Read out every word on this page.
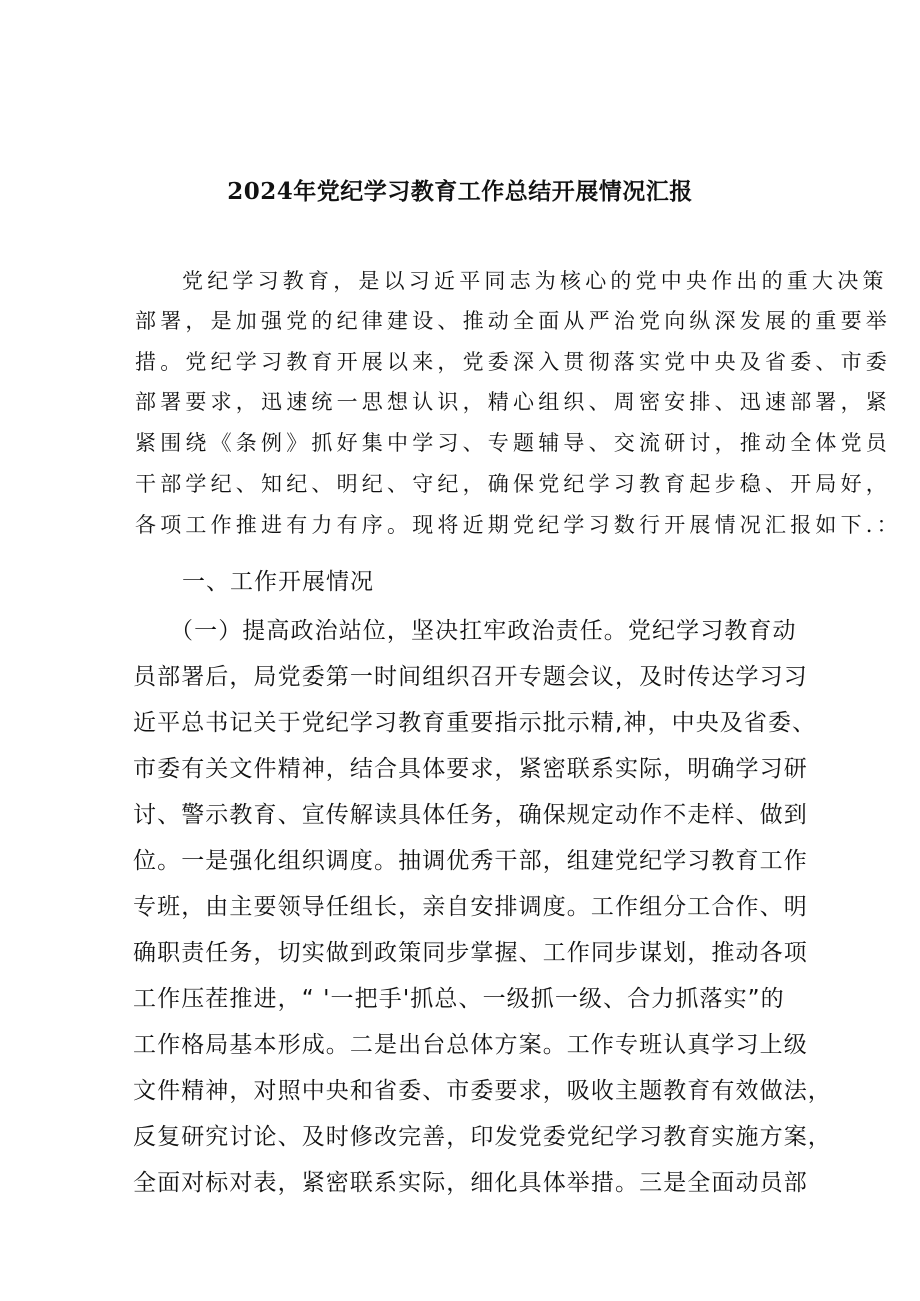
2024年党纪学习教育工作总结开展情况汇报

党纪学习教育，是以习近平同志为核心的党中央作出的重大决策

部署，是加强党的纪律建设、推动全面从严治党向纵深发展的重要举

措。党纪学习教育开展以来，党委深入贯彻落实党中央及省委、市委

部署要求，迅速统一思想认识，精心组织、周密安排、迅速部署，紧

紧围绕《条例》抓好集中学习、专题辅导、交流研讨，推动全体党员

干部学纪、知纪、明纪、守纪，确保党纪学习教育起步稳、开局好，

各项工作推进有力有序。现将近期党纪学习数行开展情况汇报如下.：

一、工作开展情况

（一）提高政治站位，坚决扛牢政治责任。党纪学习教育动

员部署后，局党委第一时间组织召开专题会议，及时传达学习习

近平总书记关于党纪学习教育重要指示批示精,神，中央及省委、

市委有关文件精神，结合具体要求，紧密联系实际，明确学习研

讨、警示教育、宣传解读具体任务，确保规定动作不走样、做到

位。一是强化组织调度。抽调优秀干部，组建党纪学习教育工作

专班，由主要领导任组长，亲自安排调度。工作组分工合作、明

确职责任务，切实做到政策同步掌握、工作同步谋划，推动各项

工作压茬推进，“ '一把手'抓总、一级抓一级、合力抓落实”的

工作格局基本形成。二是出台总体方案。工作专班认真学习上级

文件精神，对照中央和省委、市委要求，吸收主题教育有效做法，

反复研究讨论、及时修改完善，印发党委党纪学习教育实施方案，

全面对标对表，紧密联系实际，细化具体举措。三是全面动员部
